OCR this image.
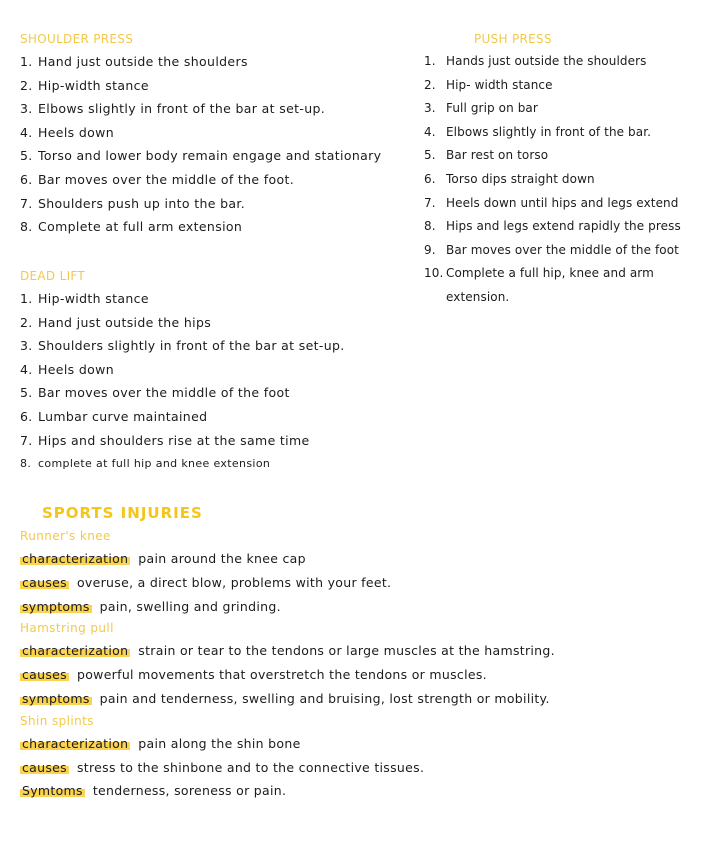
SHOULDER PRESS
1. Hand just outside the shoulders
2. Hip-width stance
3. Elbows slightly in front of the bar at set-up.
4. Heels down
5. Torso and lower body remain engage and stationary
6. Bar moves over the middle of the foot.
7. Shoulders push up into the bar.
8. Complete at full arm extension
PUSH PRESS
1. Hands just outside the shoulders
2. Hip- width stance
3. Full grip on bar
4. Elbows slightly in front of the bar.
5. Bar rest on torso
6. Torso dips straight down
7. Heels down until hips and legs extend
8. Hips and legs extend rapidly the press
9. Bar moves over the middle of the foot
10. Complete a full hip, knee and arm extension.
DEAD LIFT
1. Hip-width stance
2. Hand just outside the hips
3. Shoulders slightly in front of the bar at set-up.
4. Heels down
5. Bar moves over the middle of the foot
6. Lumbar curve maintained
7. Hips and shoulders rise at the same time
8. complete at full hip and knee extension
SPORTS INJURIES
Runner's knee
characterization pain around the knee cap
causes overuse, a direct blow, problems with your feet.
symptoms pain, swelling and grinding.
Hamstring pull
characterization strain or tear to the tendons or large muscles at the hamstring.
causes powerful movements that overstretch the tendons or muscles.
symptoms pain and tenderness, swelling and bruising, lost strength or mobility.
Shin splints
characterization pain along the shin bone
causes stress to the shinbone and to the connective tissues.
Symtoms tenderness, soreness or pain.
